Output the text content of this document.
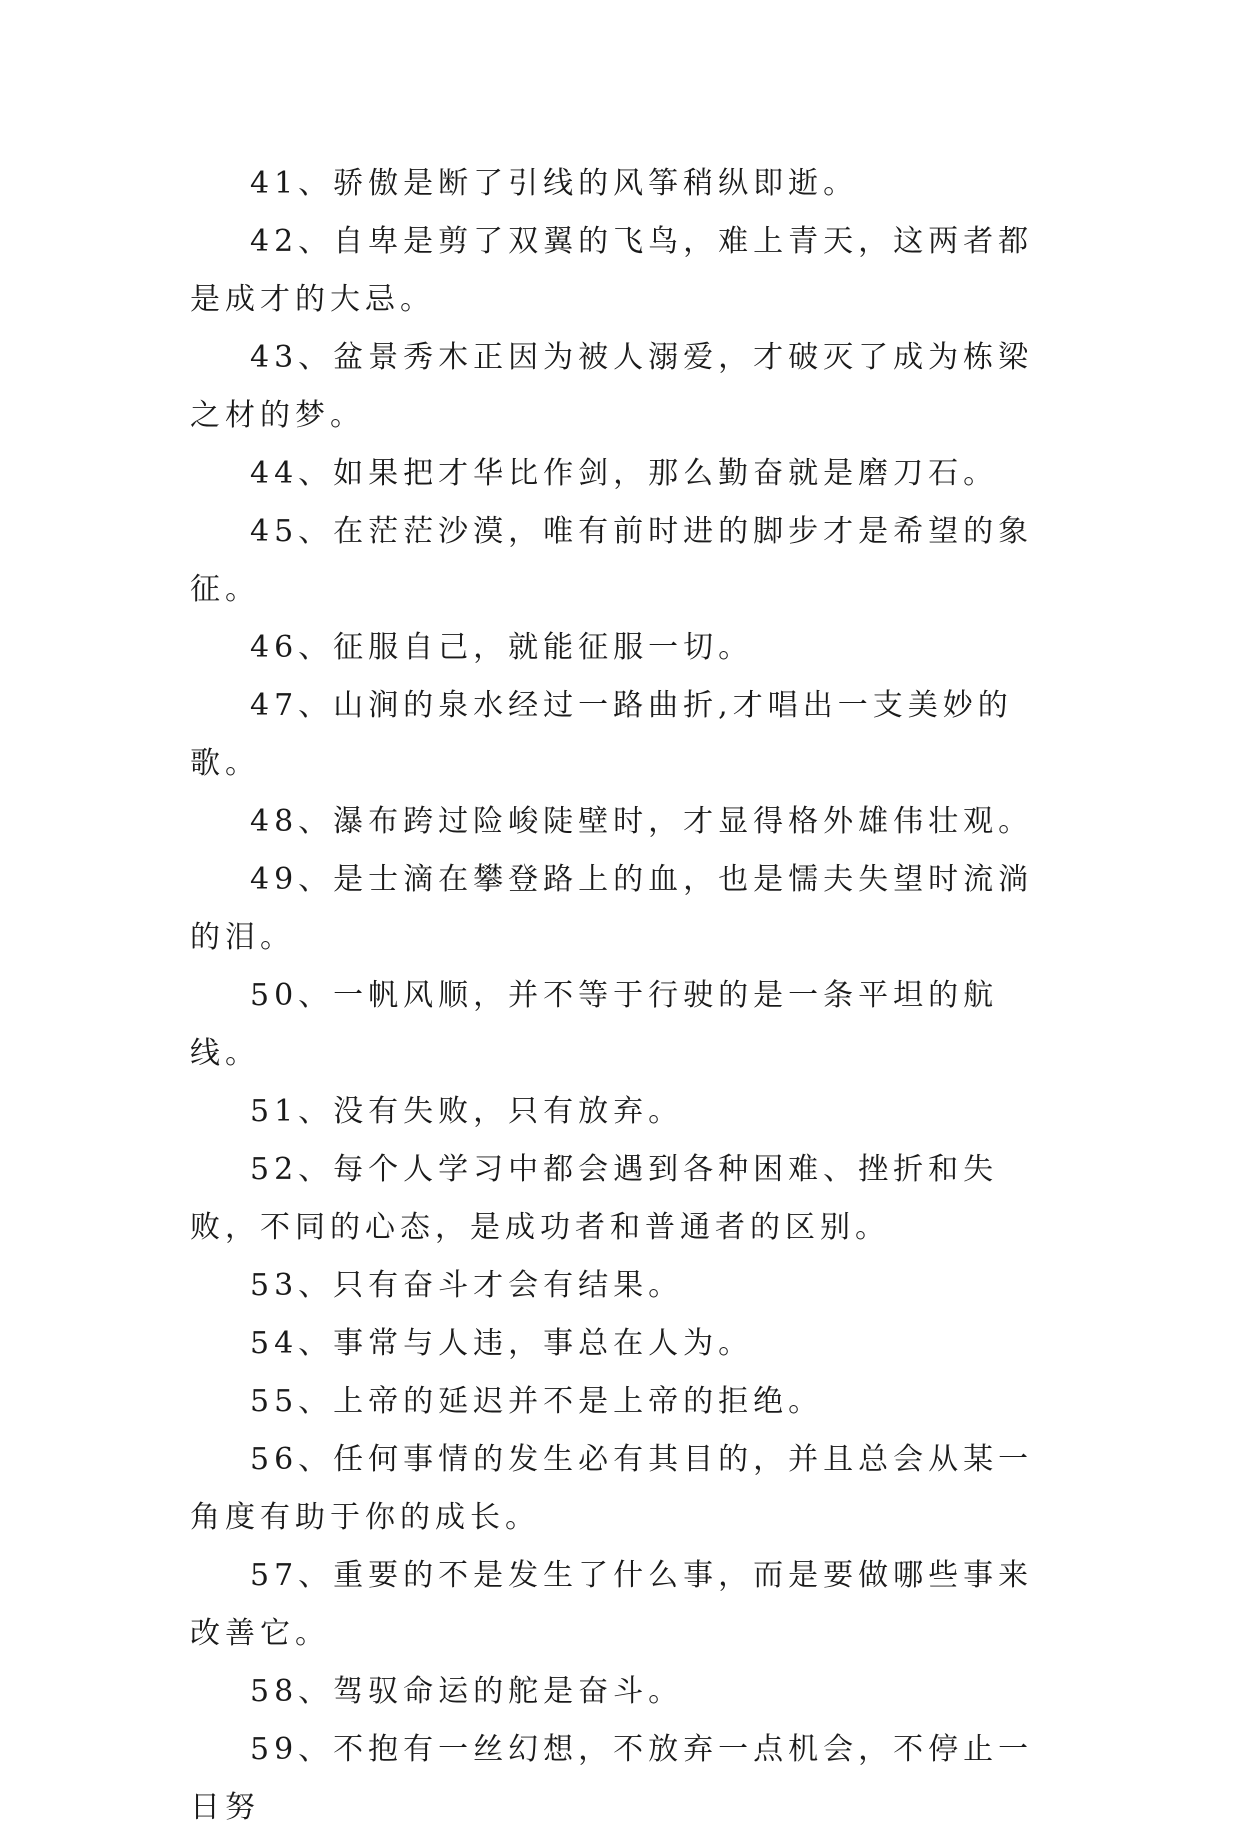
41、骄傲是断了引线的风筝稍纵即逝。

42、自卑是剪了双翼的飞鸟，难上青天，这两者都是成才的大忌。

43、盆景秀木正因为被人溺爱，才破灭了成为栋梁之材的梦。

44、如果把才华比作剑，那么勤奋就是磨刀石。

45、在茫茫沙漠，唯有前时进的脚步才是希望的象征。

46、征服自己，就能征服一切。

47、山涧的泉水经过一路曲折,才唱出一支美妙的歌。

48、瀑布跨过险峻陡壁时，才显得格外雄伟壮观。

49、是士滴在攀登路上的血，也是懦夫失望时流淌的泪。

50、一帆风顺，并不等于行驶的是一条平坦的航线。

51、没有失败，只有放弃。

52、每个人学习中都会遇到各种困难、挫折和失败，不同的心态，是成功者和普通者的区别。

53、只有奋斗才会有结果。

54、事常与人违，事总在人为。

55、上帝的延迟并不是上帝的拒绝。

56、任何事情的发生必有其目的，并且总会从某一角度有助于你的成长。

57、重要的不是发生了什么事，而是要做哪些事来改善它。

58、驾驭命运的舵是奋斗。

59、不抱有一丝幻想，不放弃一点机会，不停止一日努
